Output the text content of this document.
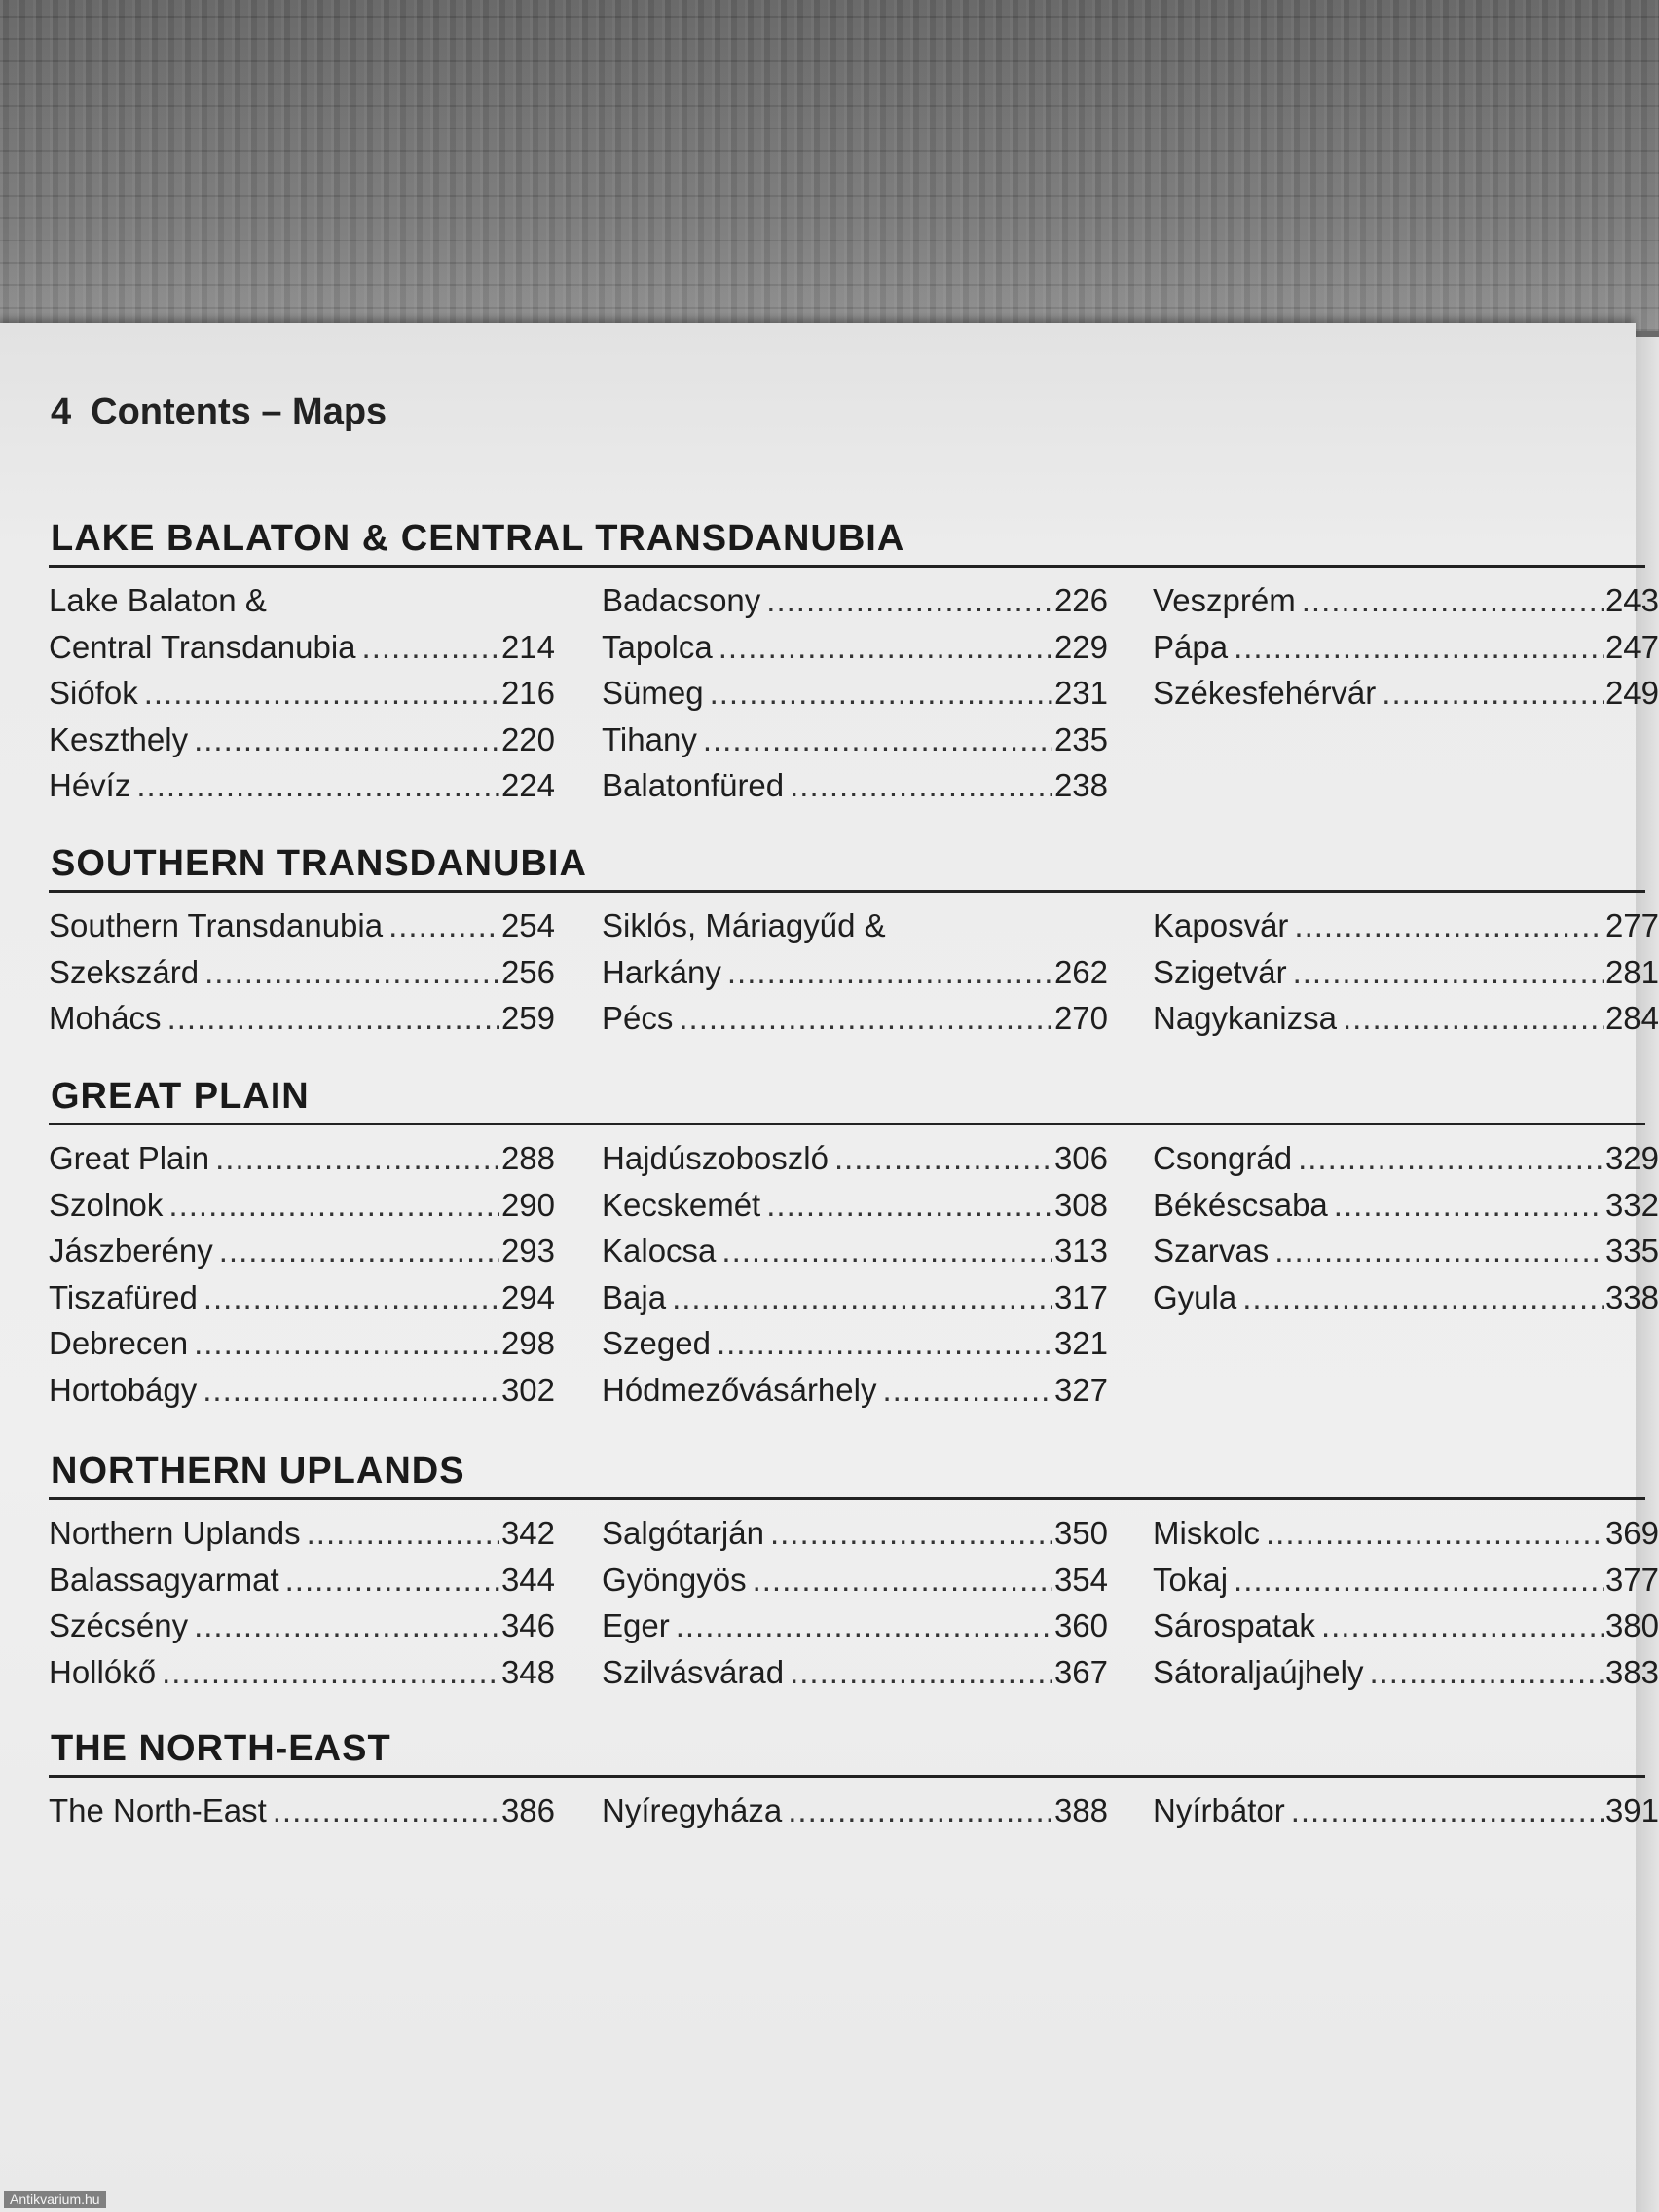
4 Contents – Maps
LAKE BALATON & CENTRAL TRANSDANUBIA
Lake Balaton &
Central Transdanubia .....	214
Siófok .....	216
Keszthely .....	220
Hévíz .....	224
Badacsony .....	226
Tapolca .....	229
Sümeg .....	231
Tihany .....	235
Balatonfüred .....	238
Veszprém .....	243
Pápa .....	247
Székesfehérvár .....	249
SOUTHERN TRANSDANUBIA
Southern Transdanubia .....	254
Szekszárd .....	256
Mohács .....	259
Siklós, Máriagyűd &
Harkány .....	262
Pécs .....	270
Kaposvár .....	277
Szigetvár .....	281
Nagykanizsa .....	284
GREAT PLAIN
Great Plain .....	288
Szolnok .....	290
Jászberény .....	293
Tiszafüred .....	294
Debrecen .....	298
Hortobágy .....	302
Hajdúszoboszló .....	306
Kecskemét .....	308
Kalocsa .....	313
Baja .....	317
Szeged .....	321
Hódmezővásárhely .....	327
Csongrád .....	329
Békéscsaba .....	332
Szarvas .....	335
Gyula .....	338
NORTHERN UPLANDS
Northern Uplands .....	342
Balassagyarmat .....	344
Szécsény .....	346
Hollókő .....	348
Salgótarján .....	350
Gyöngyös .....	354
Eger .....	360
Szilvásvárad .....	367
Miskolc .....	369
Tokaj .....	377
Sárospatak .....	380
Sátoraljaújhely .....	383
THE NORTH-EAST
The North-East .....	386 Nyíregyháza .....	388 Nyírbátor .....	391
Antikvarium.hu
